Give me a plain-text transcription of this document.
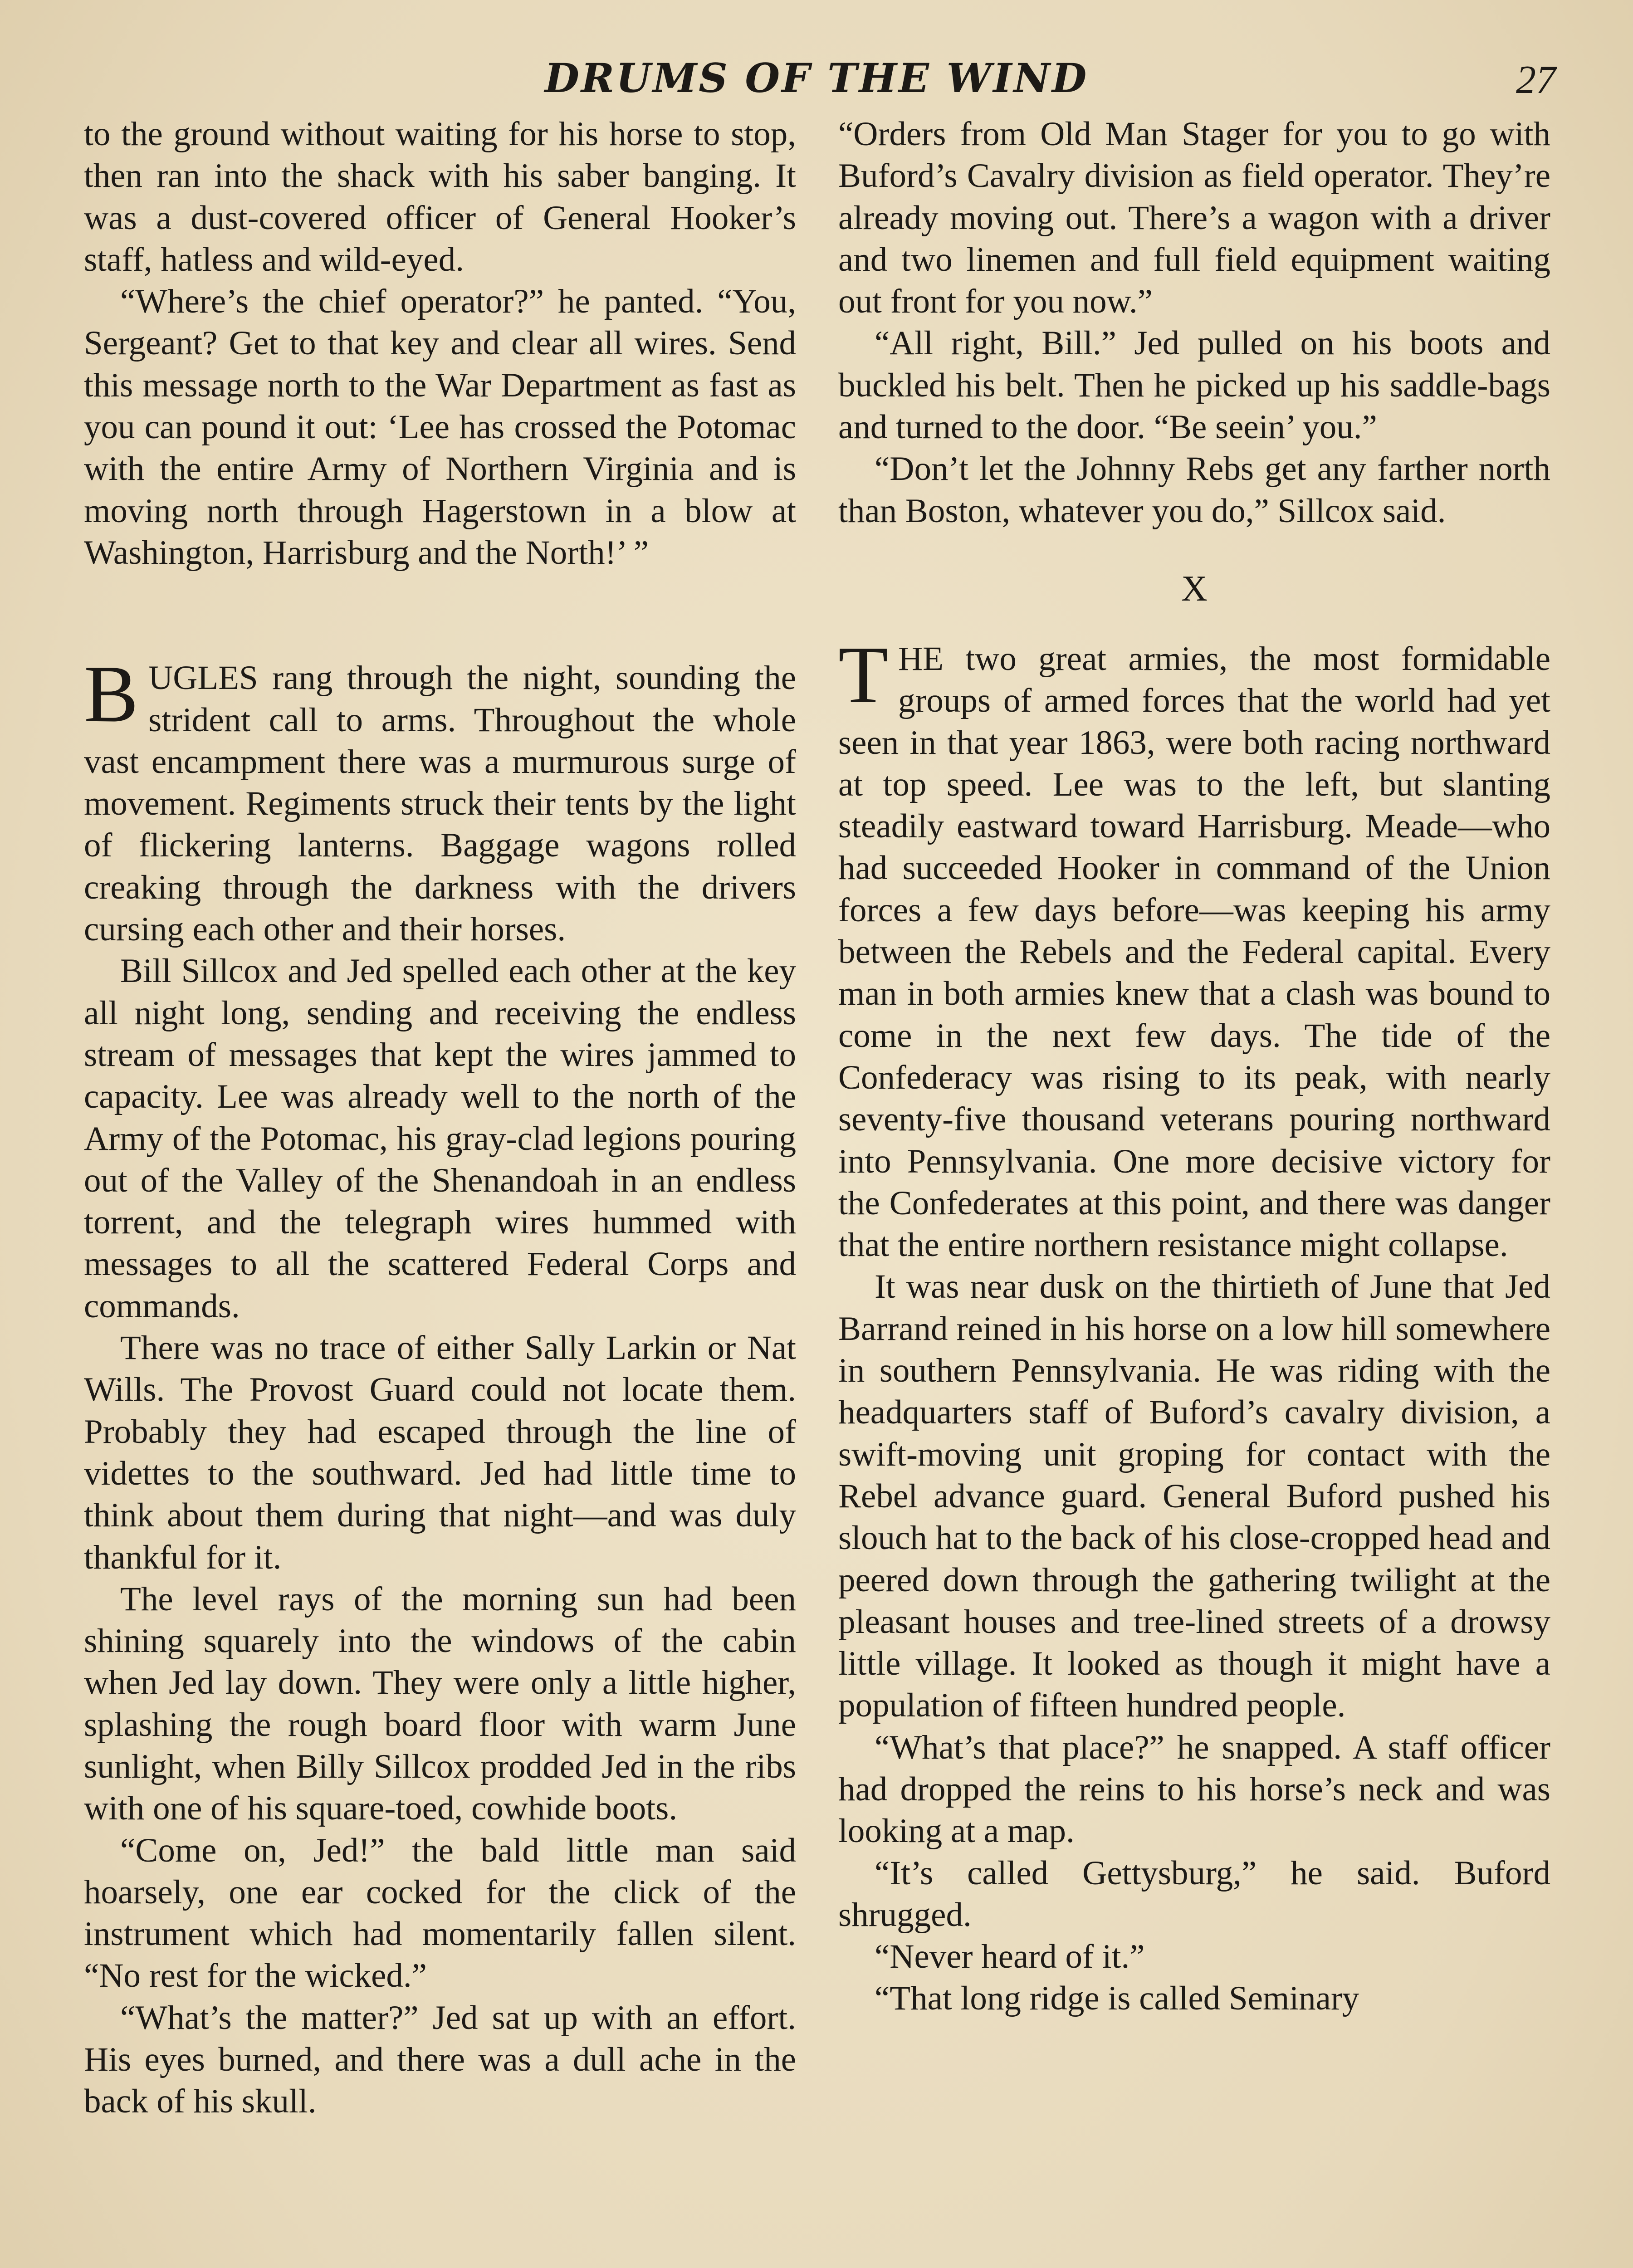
DRUMS OF THE WIND	27

to the ground without waiting for his horse to stop, then ran into the shack with his saber banging. It was a dust-covered officer of General Hooker’s staff, hatless and wild-eyed.

“Where’s the chief operator?” he panted. “You, Sergeant? Get to that key and clear all wires. Send this message north to the War Department as fast as you can pound it out: ‘Lee has crossed the Potomac with the entire Army of Northern Virginia and is moving north through Hagerstown in a blow at Washington, Harrisburg and the North!’ ”

BUGLES rang through the night, sounding the strident call to arms. Throughout the whole vast encampment there was a murmurous surge of movement. Regiments struck their tents by the light of flickering lanterns. Baggage wagons rolled creaking through the darkness with the drivers cursing each other and their horses.

Bill Sillcox and Jed spelled each other at the key all night long, sending and receiving the endless stream of messages that kept the wires jammed to capacity. Lee was already well to the north of the Army of the Potomac, his gray-clad legions pouring out of the Valley of the Shenandoah in an endless torrent, and the telegraph wires hummed with messages to all the scattered Federal Corps and commands.

There was no trace of either Sally Larkin or Nat Wills. The Provost Guard could not locate them. Probably they had escaped through the line of videttes to the southward. Jed had little time to think about them during that night—and was duly thankful for it.

The level rays of the morning sun had been shining squarely into the windows of the cabin when Jed lay down. They were only a little higher, splashing the rough board floor with warm June sunlight, when Billy Sillcox prodded Jed in the ribs with one of his square-toed, cowhide boots.

“Come on, Jed!” the bald little man said hoarsely, one ear cocked for the click of the instrument which had momentarily fallen silent. “No rest for the wicked.”

“What’s the matter?” Jed sat up with an effort. His eyes burned, and there was a dull ache in the back of his skull.

“Orders from Old Man Stager for you to go with Buford’s Cavalry division as field operator. They’re already moving out. There’s a wagon with a driver and two linemen and full field equipment waiting out front for you now.”

“All right, Bill.” Jed pulled on his boots and buckled his belt. Then he picked up his saddle-bags and turned to the door. “Be seein’ you.”

“Don’t let the Johnny Rebs get any farther north than Boston, whatever you do,” Sillcox said.

X

THE two great armies, the most formidable groups of armed forces that the world had yet seen in that year 1863, were both racing northward at top speed. Lee was to the left, but slanting steadily eastward toward Harrisburg. Meade—who had succeeded Hooker in command of the Union forces a few days before—was keeping his army between the Rebels and the Federal capital. Every man in both armies knew that a clash was bound to come in the next few days. The tide of the Confederacy was rising to its peak, with nearly seventy-five thousand veterans pouring northward into Pennsylvania. One more decisive victory for the Confederates at this point, and there was danger that the entire northern resistance might collapse.

It was near dusk on the thirtieth of June that Jed Barrand reined in his horse on a low hill somewhere in southern Pennsylvania. He was riding with the headquarters staff of Buford’s cavalry division, a swift-moving unit groping for contact with the Rebel advance guard. General Buford pushed his slouch hat to the back of his close-cropped head and peered down through the gathering twilight at the pleasant houses and tree-lined streets of a drowsy little village. It looked as though it might have a population of fifteen hundred people.

“What’s that place?” he snapped. A staff officer had dropped the reins to his horse’s neck and was looking at a map.

“It’s called Gettysburg,” he said. Buford shrugged.

“Never heard of it.”

“That long ridge is called Seminary
